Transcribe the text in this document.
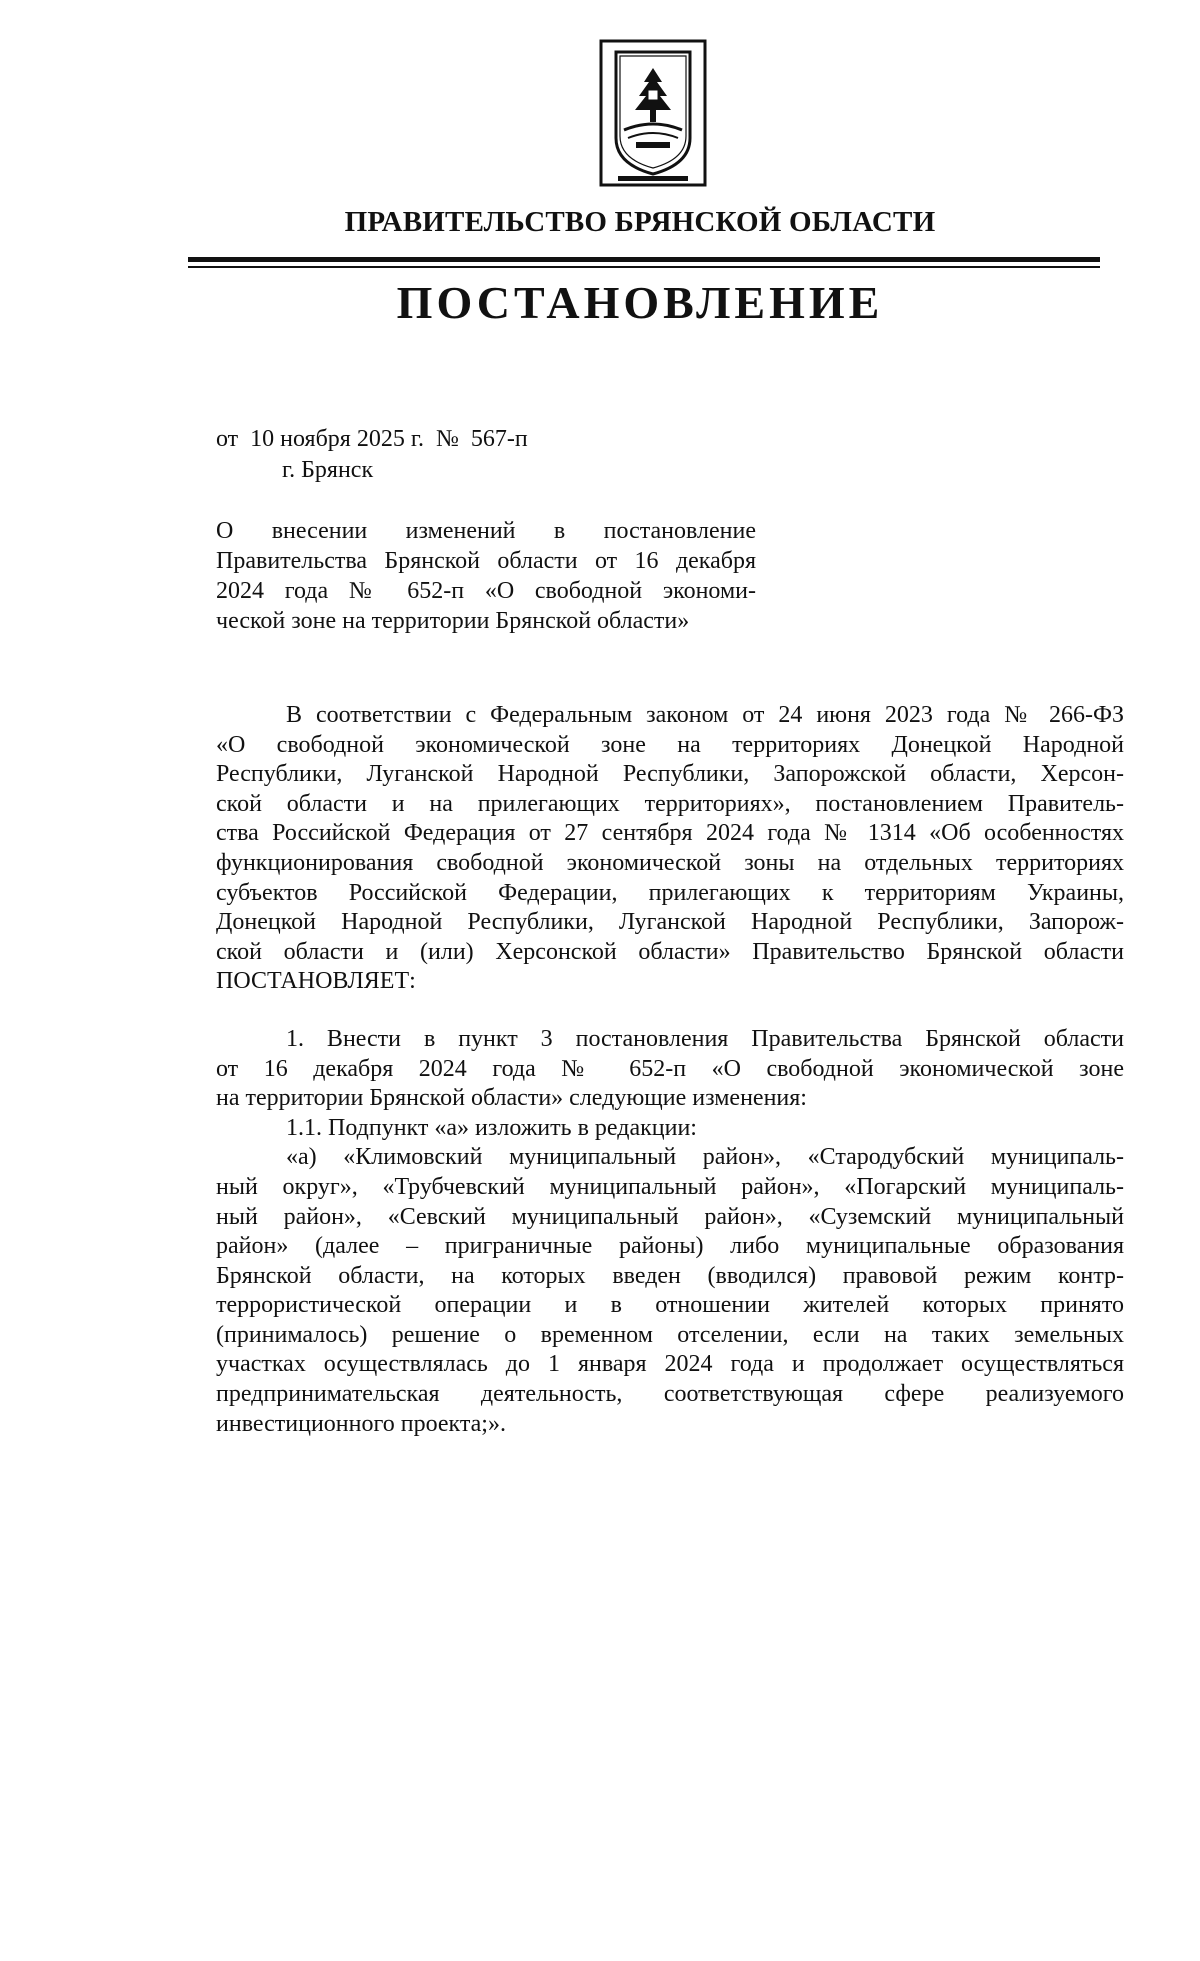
ПРАВИТЕЛЬСТВО БРЯНСКОЙ ОБЛАСТИ
ПОСТАНОВЛЕНИЕ
от  10 ноября 2025 г.  №  567-п
г. Брянск
О внесении изменений в постановление
Правительства Брянской области от 16 декабря
2024 года № 652-п «О свободной экономи-
ческой зоне на территории Брянской области»
В соответствии с Федеральным законом от 24 июня 2023 года № 266-ФЗ
«О свободной экономической зоне на территориях Донецкой Народной
Республики, Луганской Народной Республики, Запорожской области, Херсон-
ской области и на прилегающих территориях», постановлением Правитель-
ства Российской Федерация от 27 сентября 2024 года № 1314 «Об особенностях
функционирования свободной экономической зоны на отдельных территориях
субъектов Российской Федерации, прилегающих к территориям Украины,
Донецкой Народной Республики, Луганской Народной Республики, Запорож-
ской области и (или) Херсонской области» Правительство Брянской области
ПОСТАНОВЛЯЕТ:
1. Внести в пункт 3 постановления Правительства Брянской области
от 16 декабря 2024 года № 652-п «О свободной экономической зоне
на территории Брянской области» следующие изменения:
1.1. Подпункт «а» изложить в редакции:
«а) «Климовский муниципальный район», «Стародубский муниципаль-
ный округ», «Трубчевский муниципальный район», «Погарский муниципаль-
ный район», «Севский муниципальный район», «Суземский муниципальный
район» (далее – приграничные районы) либо муниципальные образования
Брянской области, на которых введен (вводился) правовой режим контр-
террористической операции и в отношении жителей которых принято
(принималось) решение о временном отселении, если на таких земельных
участках осуществлялась до 1 января 2024 года и продолжает осуществляться
предпринимательская деятельность, соответствующая сфере реализуемого
инвестиционного проекта;».
